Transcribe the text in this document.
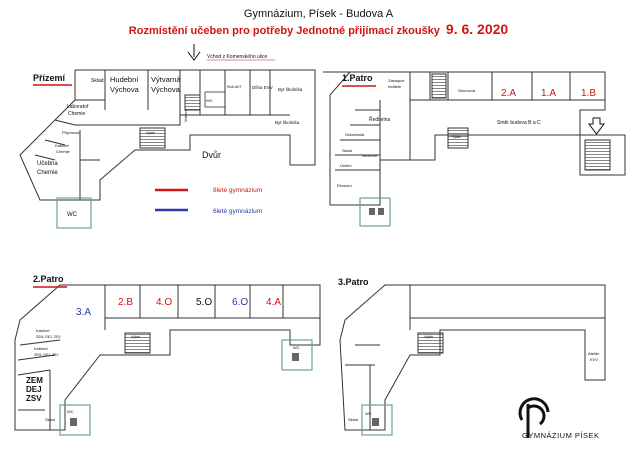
Gymnázium, Písek - Budova A
Rozmístění učeben pro potřeby Jednotné přijímací zkoušky 9. 6. 2020
Přízemí
Vchod z Komenského ulice
Sklad Hudební
Výchova
Výtvarná
Výchova	Klub AKT Dílna EVV Byt školníka
Byt školníka
WC
Vrátnice
Výtah
Laboratoř
Chemie
Přípravna
Kabinet
Chemie
Učebna
Chemie
WC
Dvůr
8leté gymnázium
6leté gymnázium
1.Patro	Zástupce
ředitele
Sborovna	2.A 1.A 1.B
Ředitelna
Sekretariát
Sklad
Studovna
Účetní
Ekonom
Výtah
Směr budova B a C
2.Patro
3.A
2.B 4.O 5.O 6.O 4.A
Kabinet
ZEM, DEJ, ZSV
Kabinet
ZEM, DEJ, ZSV
ZEM
DEJ
ZSV
Sklad
WC
WC
Výtah
3.Patro
Ateliér
EVV
Sklad
WC
Výtah
GYMNÁZIUM PÍSEK
